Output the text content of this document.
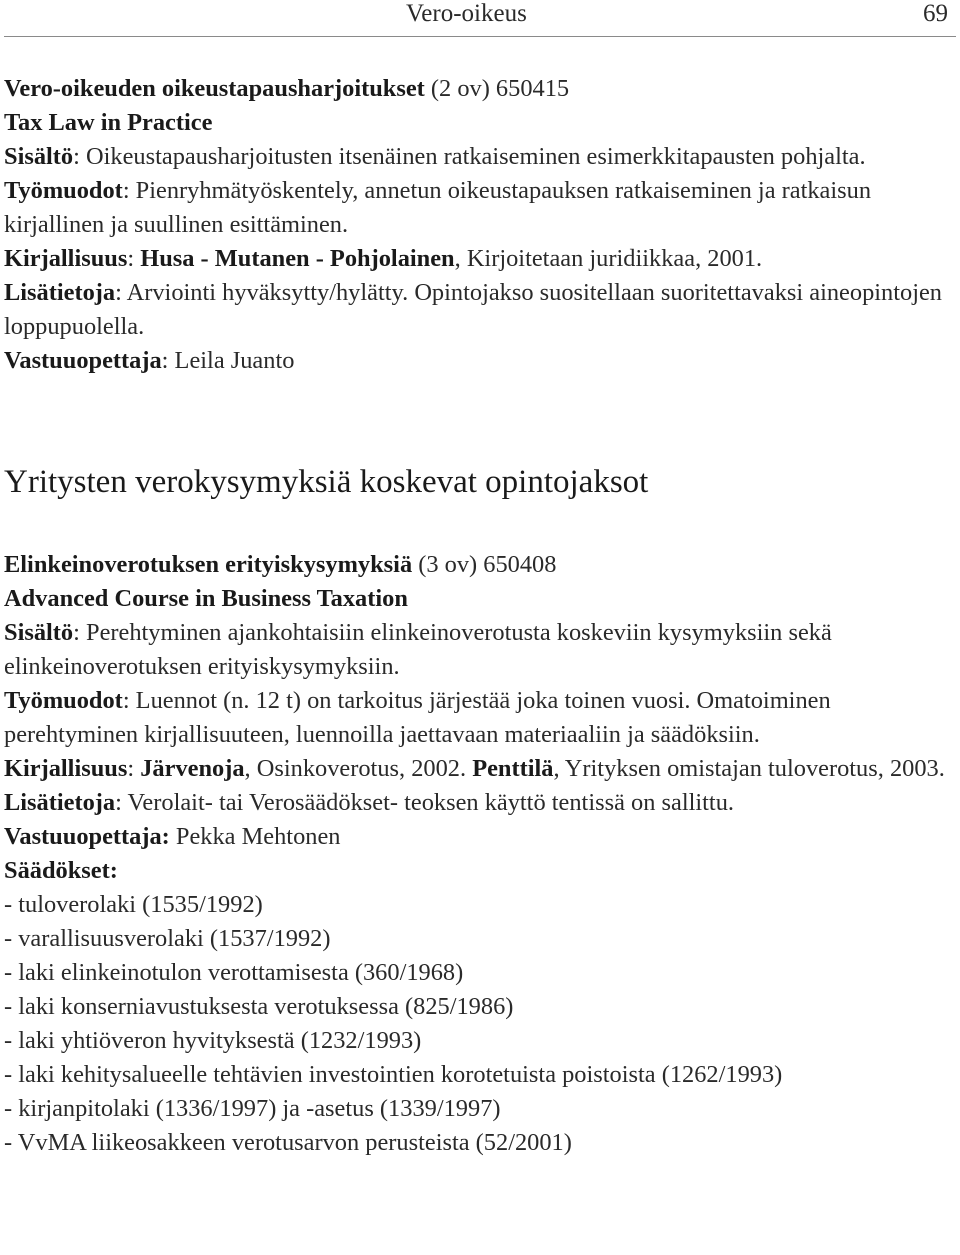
Vero-oikeus	69

Vero-oikeuden oikeustapausharjoitukset (2 ov) 650415

Tax Law in Practice

Sisältö: Oikeustapausharjoitusten itsenäinen ratkaiseminen esimerkkitapausten pohjalta.

Työmuodot: Pienryhmätyöskentely, annetun oikeustapauksen ratkaiseminen ja ratkaisun kirjallinen ja suullinen esittäminen.

Kirjallisuus: Husa - Mutanen - Pohjolainen, Kirjoitetaan juridiikkaa, 2001.

Lisätietoja: Arviointi hyväksytty/hylätty. Opintojakso suositellaan suoritettavaksi aineopintojen loppupuolella.

Vastuuopettaja: Leila Juanto

Yritysten verokysymyksiä koskevat opintojaksot

Elinkeinoverotuksen erityiskysymyksiä (3 ov) 650408

Advanced Course in Business Taxation

Sisältö: Perehtyminen ajankohtaisiin elinkeinoverotusta koskeviin kysymyksiin sekä elinkeinoverotuksen erityiskysymyksiin.

Työmuodot: Luennot (n. 12 t) on tarkoitus järjestää joka toinen vuosi. Omatoiminen perehtyminen kirjallisuuteen, luennoilla jaettavaan materiaaliin ja säädöksiin.

Kirjallisuus: Järvenoja, Osinkoverotus, 2002. Penttilä, Yrityksen omistajan tuloverotus, 2003.

Lisätietoja: Verolait- tai Verosäädökset- teoksen käyttö tentissä on sallittu.

Vastuuopettaja: Pekka Mehtonen

Säädökset:

- tuloverolaki (1535/1992)
- varallisuusverolaki (1537/1992)
- laki elinkeinotulon verottamisesta (360/1968)
- laki konserniavustuksesta verotuksessa (825/1986)
- laki yhtiöveron hyvityksestä (1232/1993)
- laki kehitysalueelle tehtävien investointien korotetuista poistoista (1262/1993)
- kirjanpitolaki (1336/1997) ja -asetus (1339/1997)
- VvMA liikeosakkeen verotusarvon perusteista (52/2001)
